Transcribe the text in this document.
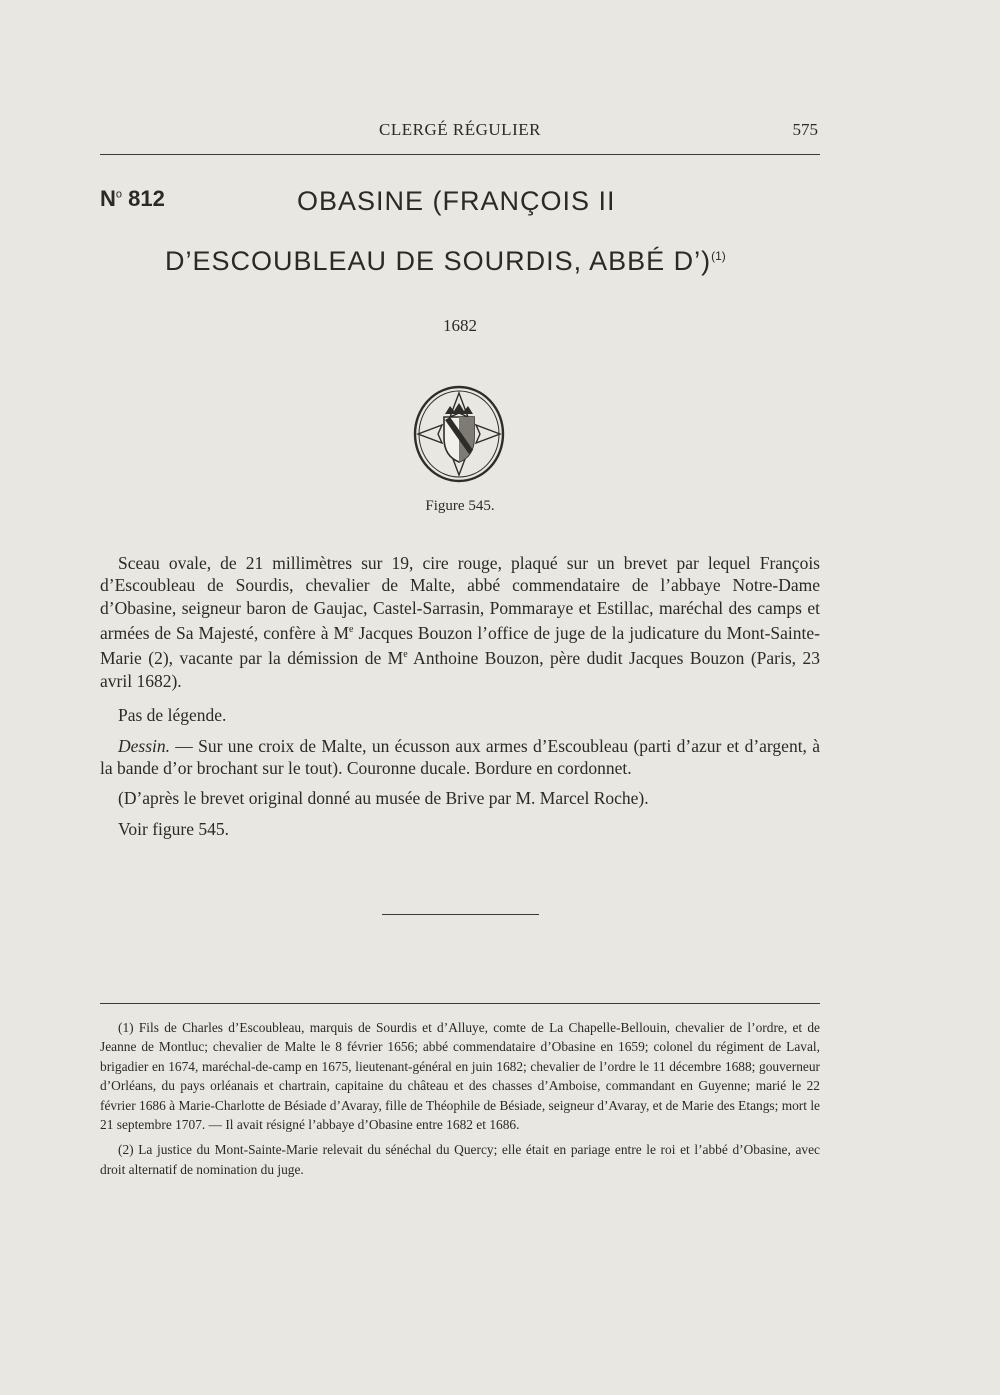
CLERGÉ RÉGULIER	575
$N^o$ 812	OBASINE (FRANÇOIS II
D’ESCOUBLEAU DE SOURDIS, ABBÉ D’)$^{(1)}$
1682
Figure 545.

Sceau ovale, de 21 millimètres sur 19, cire rouge, plaqué sur un brevet par lequel François d’Escoubleau de Sourdis, chevalier de Malte, abbé commendataire de l’abbaye Notre-Dame d’Obasine, seigneur baron de Gaujac, Castel-Sarrasin, Pommaraye et Estillac, maréchal des camps et armées de Sa Majesté, confère à Me Jacques Bouzon l’office de juge de la judicature du Mont-Sainte-Marie (2), vacante par la démission de Me Anthoine Bouzon, père dudit Jacques Bouzon (Paris, 23 avril 1682).

Pas de légende.

Dessin. — Sur une croix de Malte, un écusson aux armes d’Escoubleau (parti d’azur et d’argent, à la bande d’or brochant sur le tout). Couronne ducale. Bordure en cordonnet.

(D’après le brevet original donné au musée de Brive par M. Marcel Roche).

Voir figure 545.

(1) Fils de Charles d’Escoubleau, marquis de Sourdis et d’Alluye, comte de La Chapelle-Bellouin, chevalier de l’ordre, et de Jeanne de Montluc; chevalier de Malte le 8 février 1656; abbé commendataire d’Obasine en 1659; colonel du régiment de Laval, brigadier en 1674, maréchal-de-camp en 1675, lieutenant-général en juin 1682; chevalier de l’ordre le 11 décembre 1688; gouverneur d’Orléans, du pays orléanais et chartrain, capitaine du château et des chasses d’Amboise, commandant en Guyenne; marié le 22 février 1686 à Marie-Charlotte de Bésiade d’Avaray, fille de Théophile de Bésiade, seigneur d’Avaray, et de Marie des Etangs; mort le 21 septembre 1707. — Il avait résigné l’abbaye d’Obasine entre 1682 et 1686.

(2) La justice du Mont-Sainte-Marie relevait du sénéchal du Quercy; elle était en pariage entre le roi et l’abbé d’Obasine, avec droit alternatif de nomination du juge.
